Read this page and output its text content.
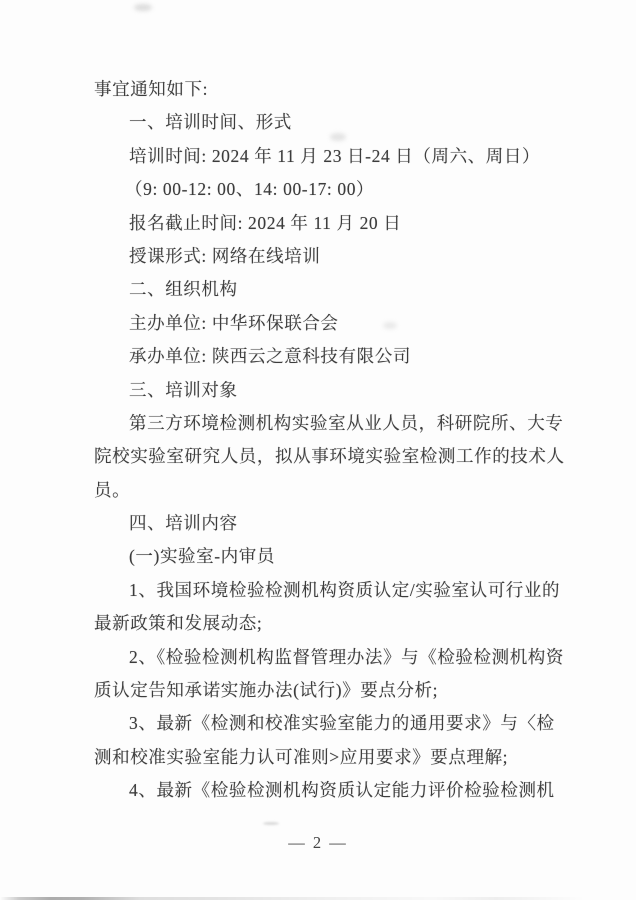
事宜通知如下:
一、培训时间、形式
培训时间: 2024 年 11 月 23 日-24 日（周六、周日）
（9: 00-12: 00、14: 00-17: 00）
报名截止时间: 2024 年 11 月 20 日
授课形式: 网络在线培训
二、组织机构
主办单位: 中华环保联合会
承办单位: 陕西云之意科技有限公司
三、培训对象
第三方环境检测机构实验室从业人员，科研院所、大专
院校实验室研究人员，拟从事环境实验室检测工作的技术人
员。
四、培训内容
(一)实验室-内审员
1、我国环境检验检测机构资质认定/实验室认可行业的
最新政策和发展动态;
2、《检验检测机构监督管理办法》与《检验检测机构资
质认定告知承诺实施办法(试行)》要点分析;
3、最新《检测和校准实验室能力的通用要求》与〈检
测和校准实验室能力认可准则>应用要求》要点理解;
4、最新《检验检测机构资质认定能力评价检验检测机
— 2 —
